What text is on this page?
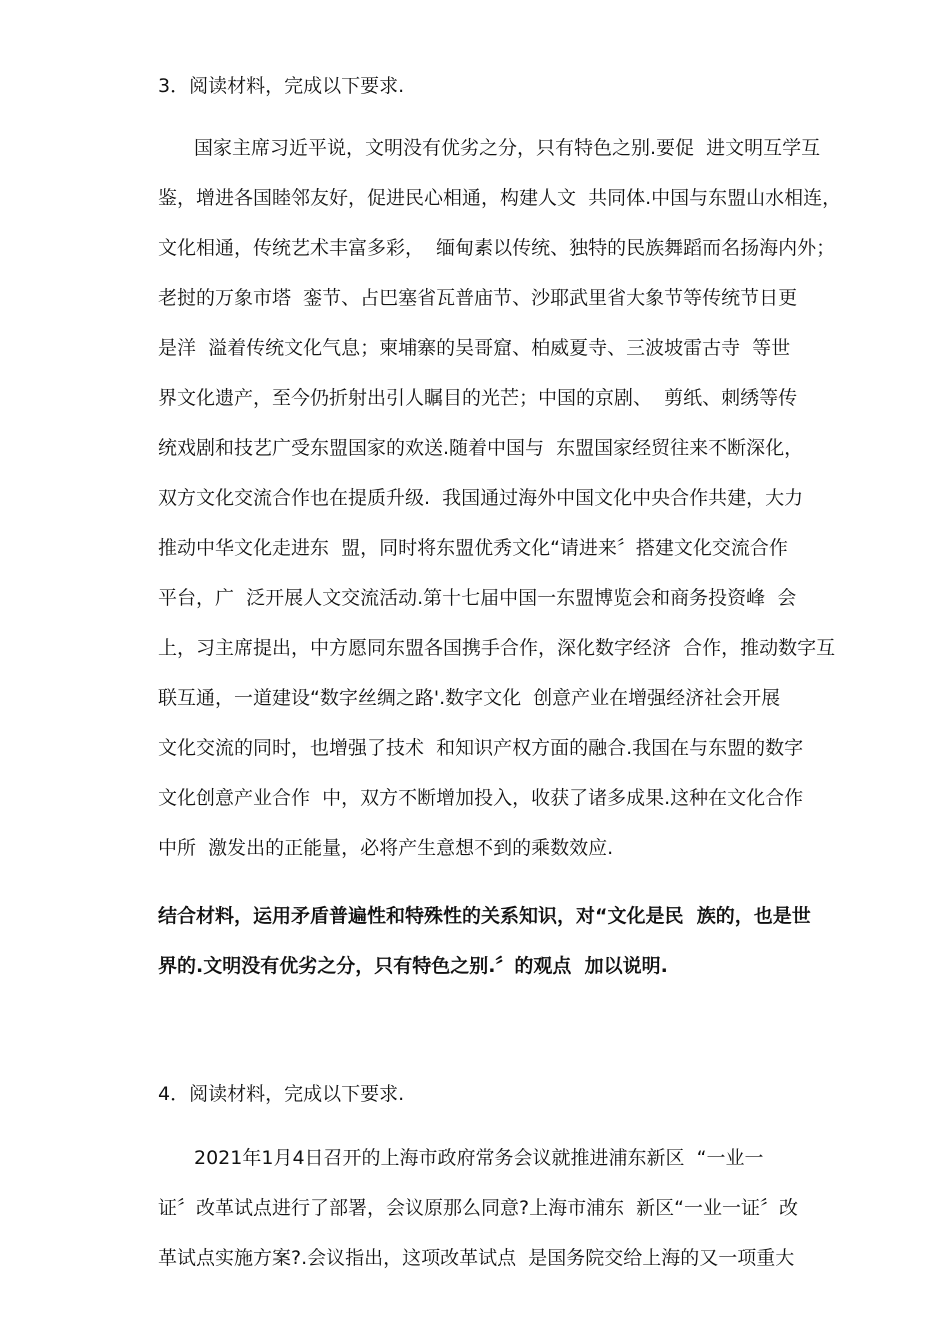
3．阅读材料，完成以下要求.
国家主席习近平说，文明没有优劣之分，只有特色之别.要促  进文明互学互
鉴，增进各国睦邻友好，促进民心相通，构建人文  共同体.中国与东盟山水相连，
文化相通，传统艺术丰富多彩，  缅甸素以传统、独特的民族舞蹈而名扬海内外；
老挝的万象市塔  銮节、占巴塞省瓦普庙节、沙耶武里省大象节等传统节日更
是洋  溢着传统文化气息；柬埔寨的吴哥窟、柏威夏寺、三波坡雷古寺  等世
界文化遗产，至今仍折射出引人瞩目的光芒；中国的京剧、  剪纸、刺绣等传
统戏剧和技艺广受东盟国家的欢送.随着中国与  东盟国家经贸往来不断深化，
双方文化交流合作也在提质升级.  我国通过海外中国文化中央合作共建，大力
推动中华文化走进东  盟，同时将东盟优秀文化“请进来〞搭建文化交流合作
平台，广  泛开展人文交流活动.第十七届中国一东盟博览会和商务投资峰  会
上，习主席提出，中方愿同东盟各国携手合作，深化数字经济  合作，推动数字互
联互通，一道建设“数字丝绸之路'.数字文化  创意产业在增强经济社会开展
文化交流的同时，也增强了技术  和知识产权方面的融合.我国在与东盟的数字
文化创意产业合作  中，双方不断增加投入，收获了诸多成果.这种在文化合作
中所  激发出的正能量，必将产生意想不到的乘数效应.
结合材料，运用矛盾普遍性和特殊性的关系知识，对“文化是民  族的，也是世
界的.文明没有优劣之分，只有特色之别.〞的观点  加以说明.
4．阅读材料，完成以下要求.
2021年1月4日召开的上海市政府常务会议就推进浦东新区  “一业一
证〞改革试点进行了部署，会议原那么同意?上海市浦东  新区“一业一证〞改
革试点实施方案?.会议指出，这项改革试点  是国务院交给上海的又一项重大
